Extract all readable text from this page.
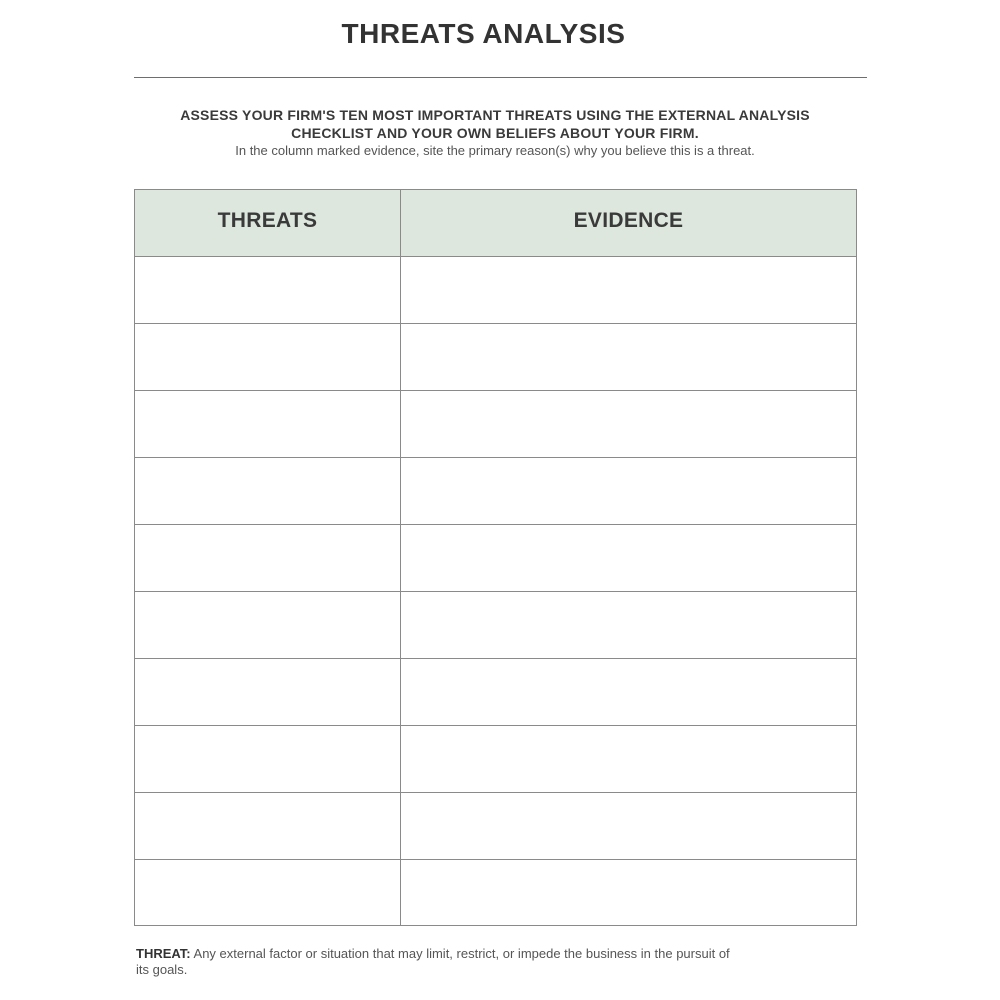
THREATS ANALYSIS
ASSESS YOUR FIRM'S TEN MOST IMPORTANT THREATS USING THE EXTERNAL ANALYSIS
CHECKLIST AND YOUR OWN BELIEFS ABOUT YOUR FIRM.
In the column marked evidence, site the primary reason(s) why you believe this is a threat.
THREATS	EVIDENCE
THREAT: Any external factor or situation that may limit, restrict, or impede the business in the pursuit of its goals.
